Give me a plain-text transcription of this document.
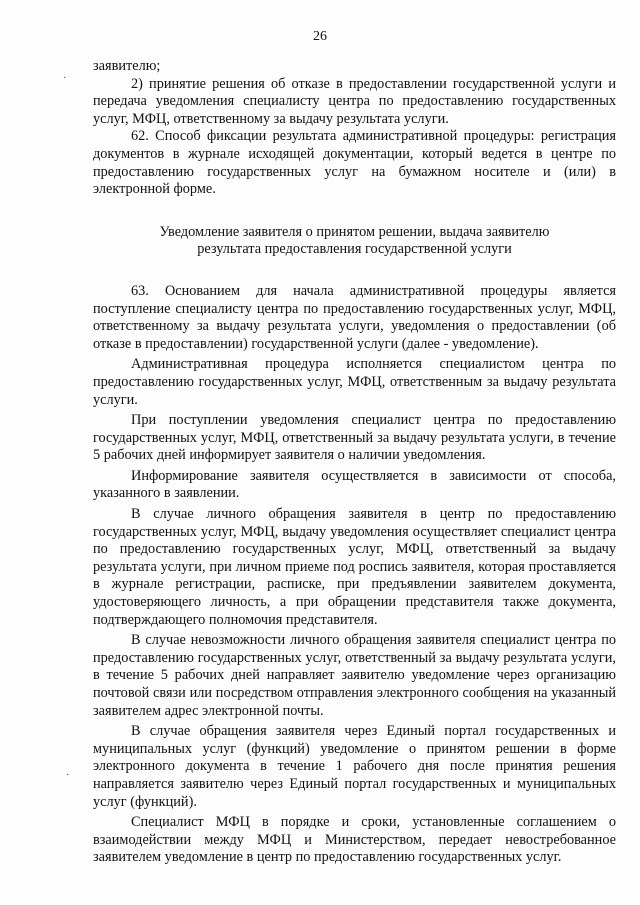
26
·
·

заявителю;

2) принятие решения об отказе в предоставлении государственной услуги и передача уведомления специалисту центра по предоставлению государственных услуг, МФЦ, ответственному за выдачу результата услуги.

62. Способ фиксации результата административной процедуры: регистрация документов в журнале исходящей документации, который ведется в центре по предоставлению государственных услуг на бумажном носителе и (или) в электронной форме.

Уведомление заявителя о принятом решении, выдача заявителю
результата предоставления государственной услуги

63. Основанием для начала административной процедуры является поступление специалисту центра по предоставлению государственных услуг, МФЦ, ответственному за выдачу результата услуги, уведомления о предоставлении (об отказе в предоставлении) государственной услуги (далее - уведомление).

Административная процедура исполняется специалистом центра по предоставлению государственных услуг, МФЦ, ответственным за выдачу результата услуги.

При поступлении уведомления специалист центра по предоставлению государственных услуг, МФЦ, ответственный за выдачу результата услуги, в течение 5 рабочих дней информирует заявителя о наличии уведомления.

Информирование заявителя осуществляется в зависимости от способа, указанного в заявлении.

В случае личного обращения заявителя в центр по предоставлению государственных услуг, МФЦ, выдачу уведомления осуществляет специалист центра по предоставлению государственных услуг, МФЦ, ответственный за выдачу результата услуги, при личном приеме под роспись заявителя, которая проставляется в журнале регистрации, расписке, при предъявлении заявителем документа, удостоверяющего личность, а при обращении представителя также документа, подтверждающего полномочия представителя.

В случае невозможности личного обращения заявителя специалист центра по предоставлению государственных услуг, ответственный за выдачу результата услуги, в течение 5 рабочих дней направляет заявителю уведомление через организацию почтовой связи или посредством отправления электронного сообщения на указанный заявителем адрес электронной почты.

В случае обращения заявителя через Единый портал государственных и муниципальных услуг (функций) уведомление о принятом решении в форме электронного документа в течение 1 рабочего дня после принятия решения направляется заявителю через Единый портал государственных и муниципальных услуг (функций).

Специалист МФЦ в порядке и сроки, установленные соглашением о взаимодействии между МФЦ и Министерством, передает невостребованное заявителем уведомление в центр по предоставлению государственных услуг.
